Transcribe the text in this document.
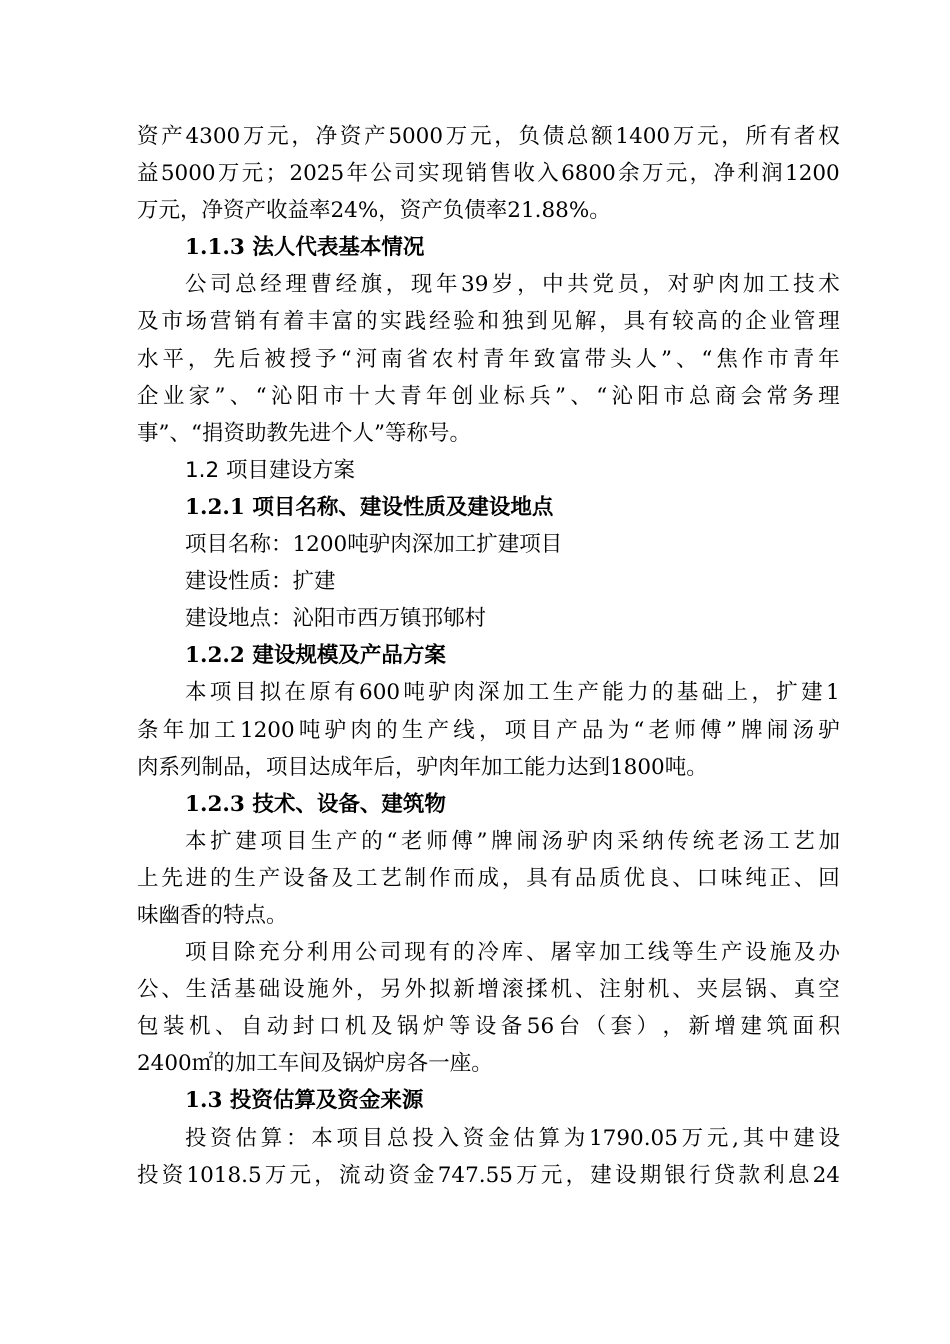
资 产 4300 万 元 ， 净 资 产 5000 万 元 ， 负 债 总 额 1400 万 元 ， 所 有 者 权
益 5000 万 元 ； 2025 年 公 司 实 现 销 售 收 入 6800 余 万 元 ， 净 利 润 1200
万元，净资产收益率24%，资产负债率21.88%。
1.1.3 法人代表基本情况
公 司 总 经 理 曹 经 旗 ， 现 年 39 岁 ， 中 共 党 员 ， 对 驴 肉 加 工 技 术
及 市 场 营 销 有 着 丰 富 的 实 践 经 验 和 独 到 见 解 ， 具 有 较 高 的 企 业 管 理
水 平 ， 先 后 被 授 予 “ 河 南 省 农 村 青 年 致 富 带 头 人 ” 、 “ 焦 作 市 青 年
企 业 家 ” 、 “ 沁 阳 市 十 大 青 年 创 业 标 兵 ” 、 “ 沁 阳 市 总 商 会 常 务 理
事”、“捐资助教先进个人”等称号。
1.2 项目建设方案
1.2.1 项目名称、建设性质及建设地点
项目名称：1200吨驴肉深加工扩建项目
建设性质：扩建
建设地点：沁阳市西万镇邘郇村
1.2.2 建设规模及产品方案
本 项 目 拟 在 原 有 600 吨 驴 肉 深 加 工 生 产 能 力 的 基 础 上 ， 扩 建 1
条 年 加 工 1200 吨 驴 肉 的 生 产 线 ， 项 目 产 品 为 “ 老 师 傅 ” 牌 闹 汤 驴
肉系列制品，项目达成年后，驴肉年加工能力达到1800吨。
1.2.3 技术、设备、建筑物
本 扩 建 项 目 生 产 的 “ 老 师 傅 ” 牌 闹 汤 驴 肉 采 纳 传 统 老 汤 工 艺 加
上 先 进 的 生 产 设 备 及 工 艺 制 作 而 成 ， 具 有 品 质 优 良 、 口 味 纯 正 、 回
味幽香的特点。
项 目 除 充 分 利 用 公 司 现 有 的 冷 库 、 屠 宰 加 工 线 等 生 产 设 施 及 办
公 、 生 活 基 础 设 施 外 ， 另 外 拟 新 增 滚 揉 机 、 注 射 机 、 夹 层 锅 、 真 空
包 装 机 、 自 动 封 口 机 及 锅 炉 等 设 备 56 台 （ 套 ） ， 新 增 建 筑 面 积
2400㎡的加工车间及锅炉房各一座。
1.3 投资估算及资金来源
投 资 估 算 ： 本 项 目 总 投 入 资 金 估 算 为 1790.05 万 元 , 其 中 建 设
投 资 1018.5 万 元 ， 流 动 资 金 747.55 万 元 ， 建 设 期 银 行 贷 款 利 息 24
